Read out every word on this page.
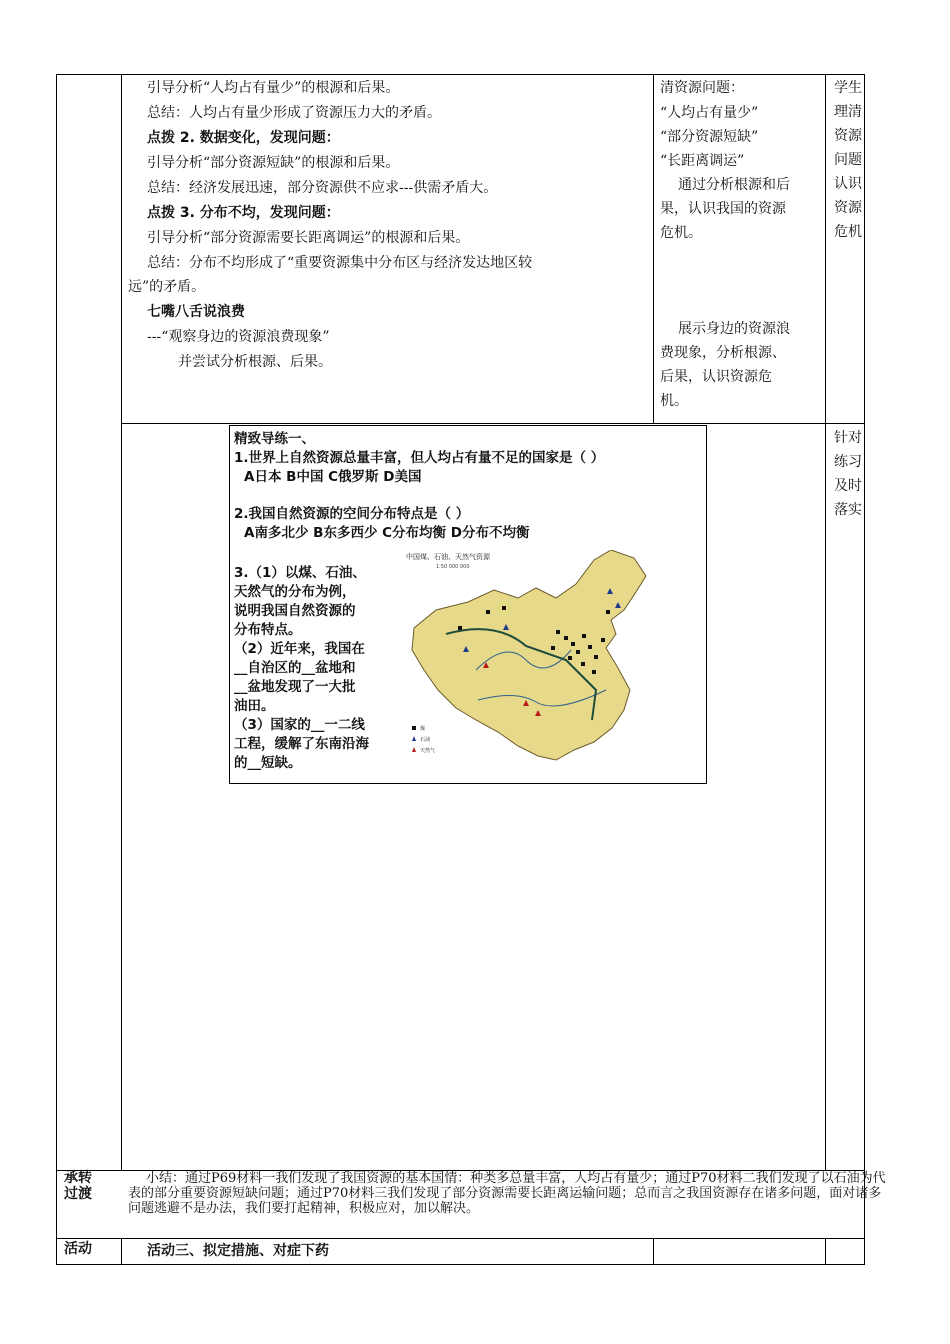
引导分析“人均占有量少”的根源和后果。
总结：人均占有量少形成了资源压力大的矛盾。
点拨 2. 数据变化，发现问题：
引导分析“部分资源短缺”的根源和后果。
总结：经济发展迅速，部分资源供不应求---供需矛盾大。
点拨 3. 分布不均，发现问题：
引导分析“部分资源需要长距离调运”的根源和后果。
总结：分布不均形成了“重要资源集中分布区与经济发达地区较
远”的矛盾。
七嘴八舌说浪费
---“观察身边的资源浪费现象”
并尝试分析根源、后果。

清资源问题：

“人均占有量少”

“部分资源短缺”

“长距离调运”

通过分析根源和后

果，认识我国的资源

危机。

展示身边的资源浪

费现象，分析根源、

后果，认识资源危

机。

学生
理清
资源
问题
认识
资源
危机
针对
练习
及时
落实
精致导练一、
1.世界上自然资源总量丰富，但人均占有量不足的国家是（ ）
A日本 B中国 C俄罗斯 D美国
2.我国自然资源的空间分布特点是（ ）
A南多北少 B东多西少 C分布均衡 D分布不均衡

3.（1）以煤、石油、

天然气的分布为例，

说明我国自然资源的

分布特点。

（2）近年来，我国在

__自治区的__盆地和

__盆地发现了一大批

油田。

（3）国家的__一二线

工程，缓解了东南沿海

的__短缺。

中国煤、石油、天然气资源
1:50 000 000
煤
石油
天然气
承转
过渡
小结：通过P69材料一我们发现了我国资源的基本国情：种类多总量丰富，人均占有量少；通过P70材料二我们发现了以石油为代表的部分重要资源短缺问题；通过P70材料三我们发现了部分资源需要长距离运输问题；总而言之我国资源存在诸多问题，面对诸多问题逃避不是办法，我们要打起精神，积极应对，加以解决。
活动	活动三、拟定措施、对症下药
